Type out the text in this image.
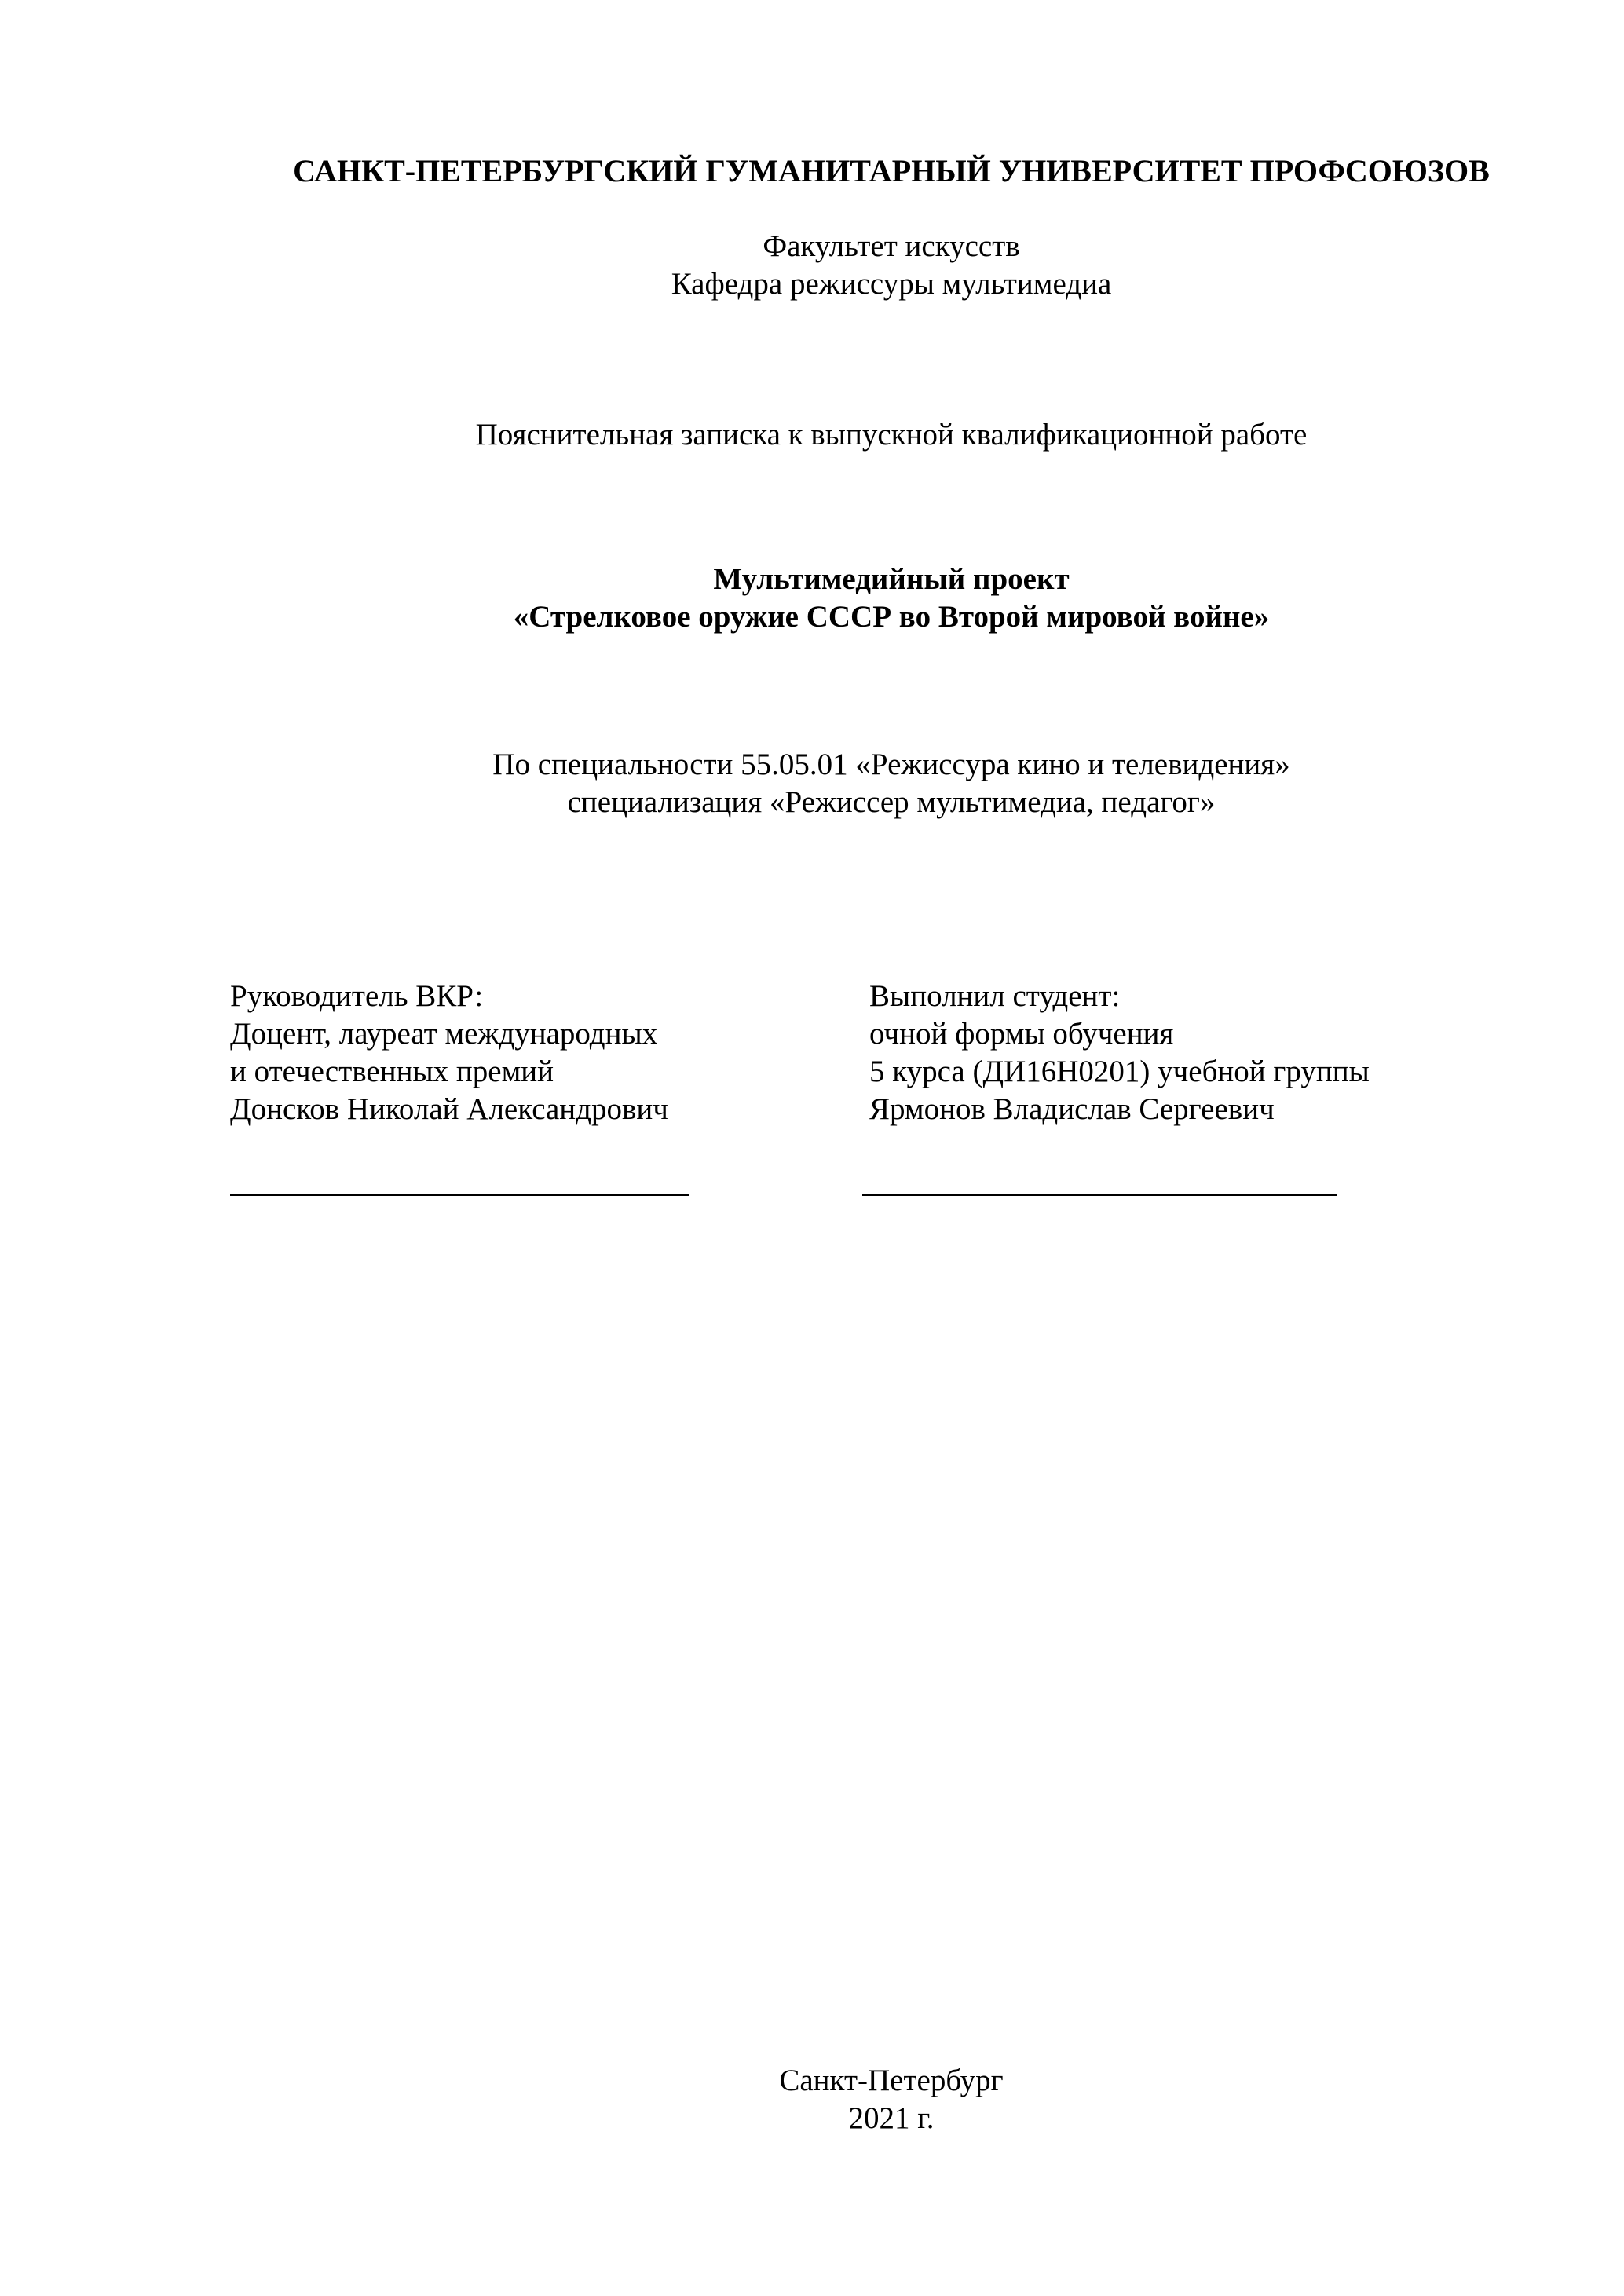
САНКТ-ПЕТЕРБУРГСКИЙ ГУМАНИТАРНЫЙ УНИВЕРСИТЕТ ПРОФСОЮЗОВ
Факультет искусств
Кафедра режиссуры мультимедиа
Пояснительная записка к выпускной квалификационной работе
Мультимедийный проект
«Стрелковое оружие СССР во Второй мировой войне»
По специальности 55.05.01 «Режиссура кино и телевидения»
специализация «Режиссер мультимедиа, педагог»
Руководитель ВКР:
Доцент, лауреат международных
и отечественных премий
Донсков Николай Александрович
Выполнил студент:
очной формы обучения
5 курса (ДИ16Н0201) учебной группы
Ярмонов Владислав Сергеевич
Санкт-Петербург
2021 г.
